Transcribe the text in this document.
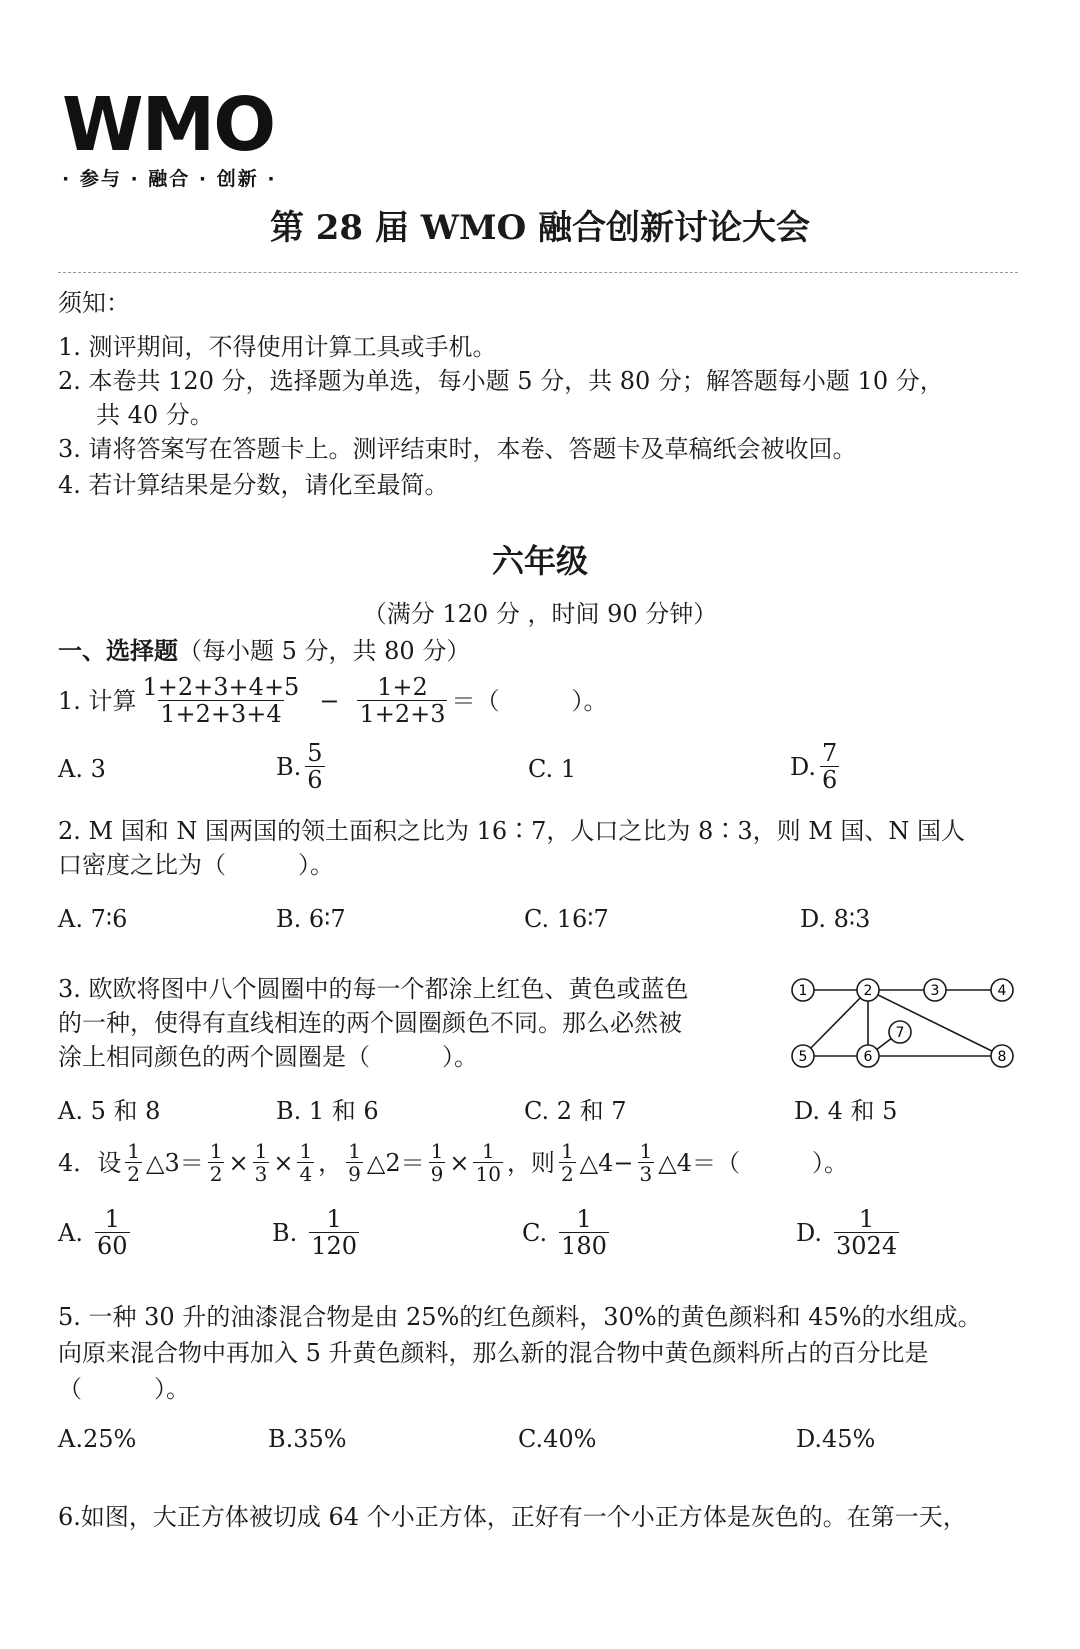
WMO
· 参与 · 融合 · 创新 ·
第 28 届 WMO 融合创新讨论大会
须知：
1. 测评期间，不得使用计算工具或手机。
2. 本卷共 120 分，选择题为单选，每小题 5 分，共 80 分；解答题每小题 10 分，
共 40 分。
3. 请将答案写在答题卡上。测评结束时，本卷、答题卡及草稿纸会被收回。
4. 若计算结果是分数，请化至最简。
六年级
（满分 120 分 ，时间 90 分钟）
一、选择题（每小题 5 分，共 80 分）
1. 计算 $\frac{1+2+3+4+5}{1+2+3+4} - \frac{1+2}{1+2+3}$ ＝（　　　）。
A. 3	B. $\frac{5}{6}$	C. 1	D. $\frac{7}{6}$
2. M 国和 N 国两国的领土面积之比为 16∶7，人口之比为 8∶3，则 M 国、N 国人
口密度之比为（　　　）。
A. 7∶6	B. 6∶7	C. 16∶7	D. 8∶3
3. 欧欧将图中八个圆圈中的每一个都涂上红色、黄色或蓝色
的一种，使得有直线相连的两个圆圈颜色不同。那么必然被
涂上相同颜色的两个圆圈是（　　　）。
1	2	3	4
5	6
7
8
A. 5 和 8	B. 1 和 6	C. 2 和 7	D. 4 和 5
4．设 $\frac{1}{2}$ △3＝ $\frac{1}{2} \times \frac{1}{3} \times \frac{1}{4}$ ， $\frac{1}{9}$ △2＝ $\frac{1}{9} \times \frac{1}{10}$ ，则 $\frac{1}{2}$ △4− $\frac{1}{3}$ △4＝（　　　）。
A. $\frac{1}{60}$	B. $\frac{1}{120}$	C. $\frac{1}{180}$	D. $\frac{1}{3024}$
5. 一种 30 升的油漆混合物是由 25%的红色颜料，30%的黄色颜料和 45%的水组成。
向原来混合物中再加入 5 升黄色颜料，那么新的混合物中黄色颜料所占的百分比是
（　　　）。
A.25%	B.35%	C.40%	D.45%
6.如图，大正方体被切成 64 个小正方体，正好有一个小正方体是灰色的。在第一天，
